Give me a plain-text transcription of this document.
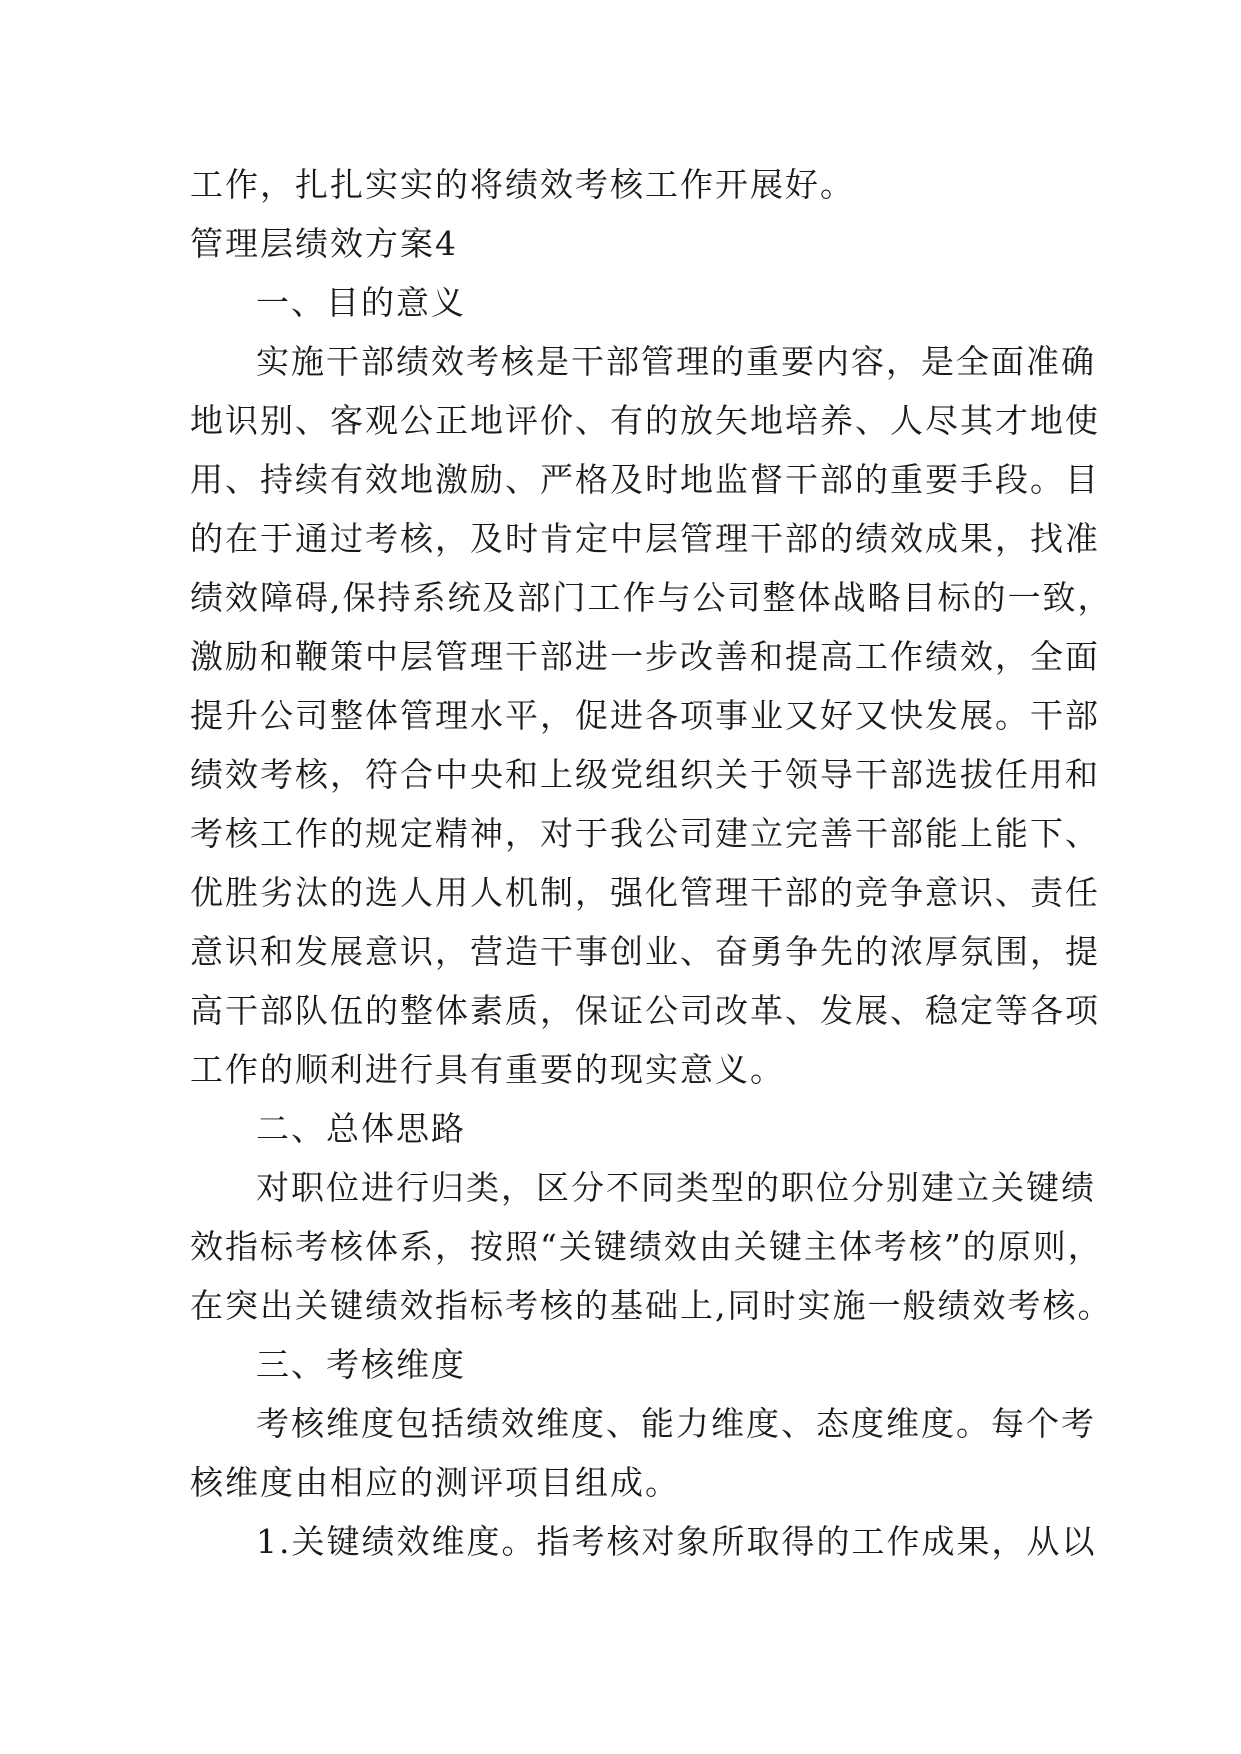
工作，扎扎实实的将绩效考核工作开展好。
管理层绩效方案4
一、目的意义
实施干部绩效考核是干部管理的重要内容，是全面准确
地识别、客观公正地评价、有的放矢地培养、人尽其才地使
用、持续有效地激励、严格及时地监督干部的重要手段。目
的在于通过考核，及时肯定中层管理干部的绩效成果，找准
绩效障碍,保持系统及部门工作与公司整体战略目标的一致，
激励和鞭策中层管理干部进一步改善和提高工作绩效，全面
提升公司整体管理水平，促进各项事业又好又快发展。干部
绩效考核，符合中央和上级党组织关于领导干部选拔任用和
考核工作的规定精神，对于我公司建立完善干部能上能下、
优胜劣汰的选人用人机制，强化管理干部的竞争意识、责任
意识和发展意识，营造干事创业、奋勇争先的浓厚氛围，提
高干部队伍的整体素质，保证公司改革、发展、稳定等各项
工作的顺利进行具有重要的现实意义。
二、总体思路
对职位进行归类，区分不同类型的职位分别建立关键绩
效指标考核体系，按照“关键绩效由关键主体考核”的原则，
在突出关键绩效指标考核的基础上,同时实施一般绩效考核。
三、考核维度
考核维度包括绩效维度、能力维度、态度维度。每个考
核维度由相应的测评项目组成。
1.关键绩效维度。指考核对象所取得的工作成果，从以
